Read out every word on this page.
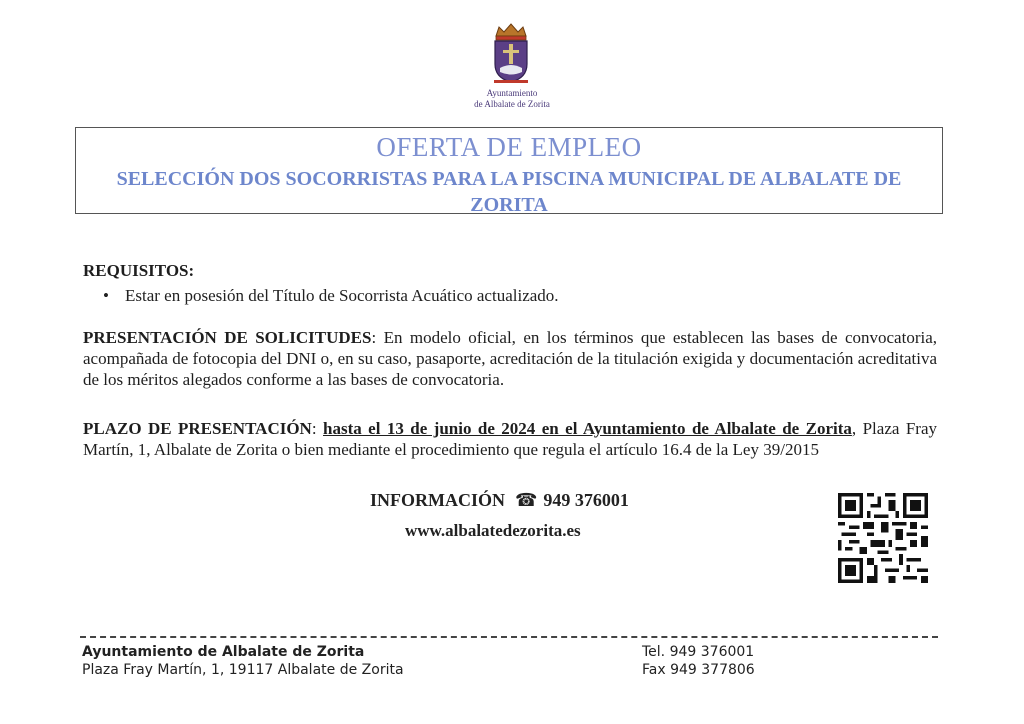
Ayuntamiento
de Albalate de Zorita
OFERTA DE EMPLEO
SELECCIÓN DOS SOCORRISTAS PARA LA PISCINA MUNICIPAL DE ALBALATE DE ZORITA
REQUISITOS:
• Estar en posesión del Título de Socorrista Acuático actualizado.
PRESENTACIÓN DE SOLICITUDES: En modelo oficial, en los términos que establecen las bases de convocatoria, acompañada de fotocopia del DNI o, en su caso, pasaporte, acreditación de la titulación exigida y documentación acreditativa de los méritos alegados conforme a las bases de convocatoria.
PLAZO DE PRESENTACIÓN: hasta el 13 de junio de 2024 en el Ayuntamiento de Albalate de Zorita, Plaza Fray Martín, 1, Albalate de Zorita o bien mediante el procedimiento que regula el artículo 16.4 de la Ley 39/2015
INFORMACIÓN ☎ 949 376001
www.albalatedezorita.es
Ayuntamiento de Albalate de Zorita
Plaza Fray Martín, 1, 19117 Albalate de Zorita
Tel. 949 376001
Fax 949 377806
